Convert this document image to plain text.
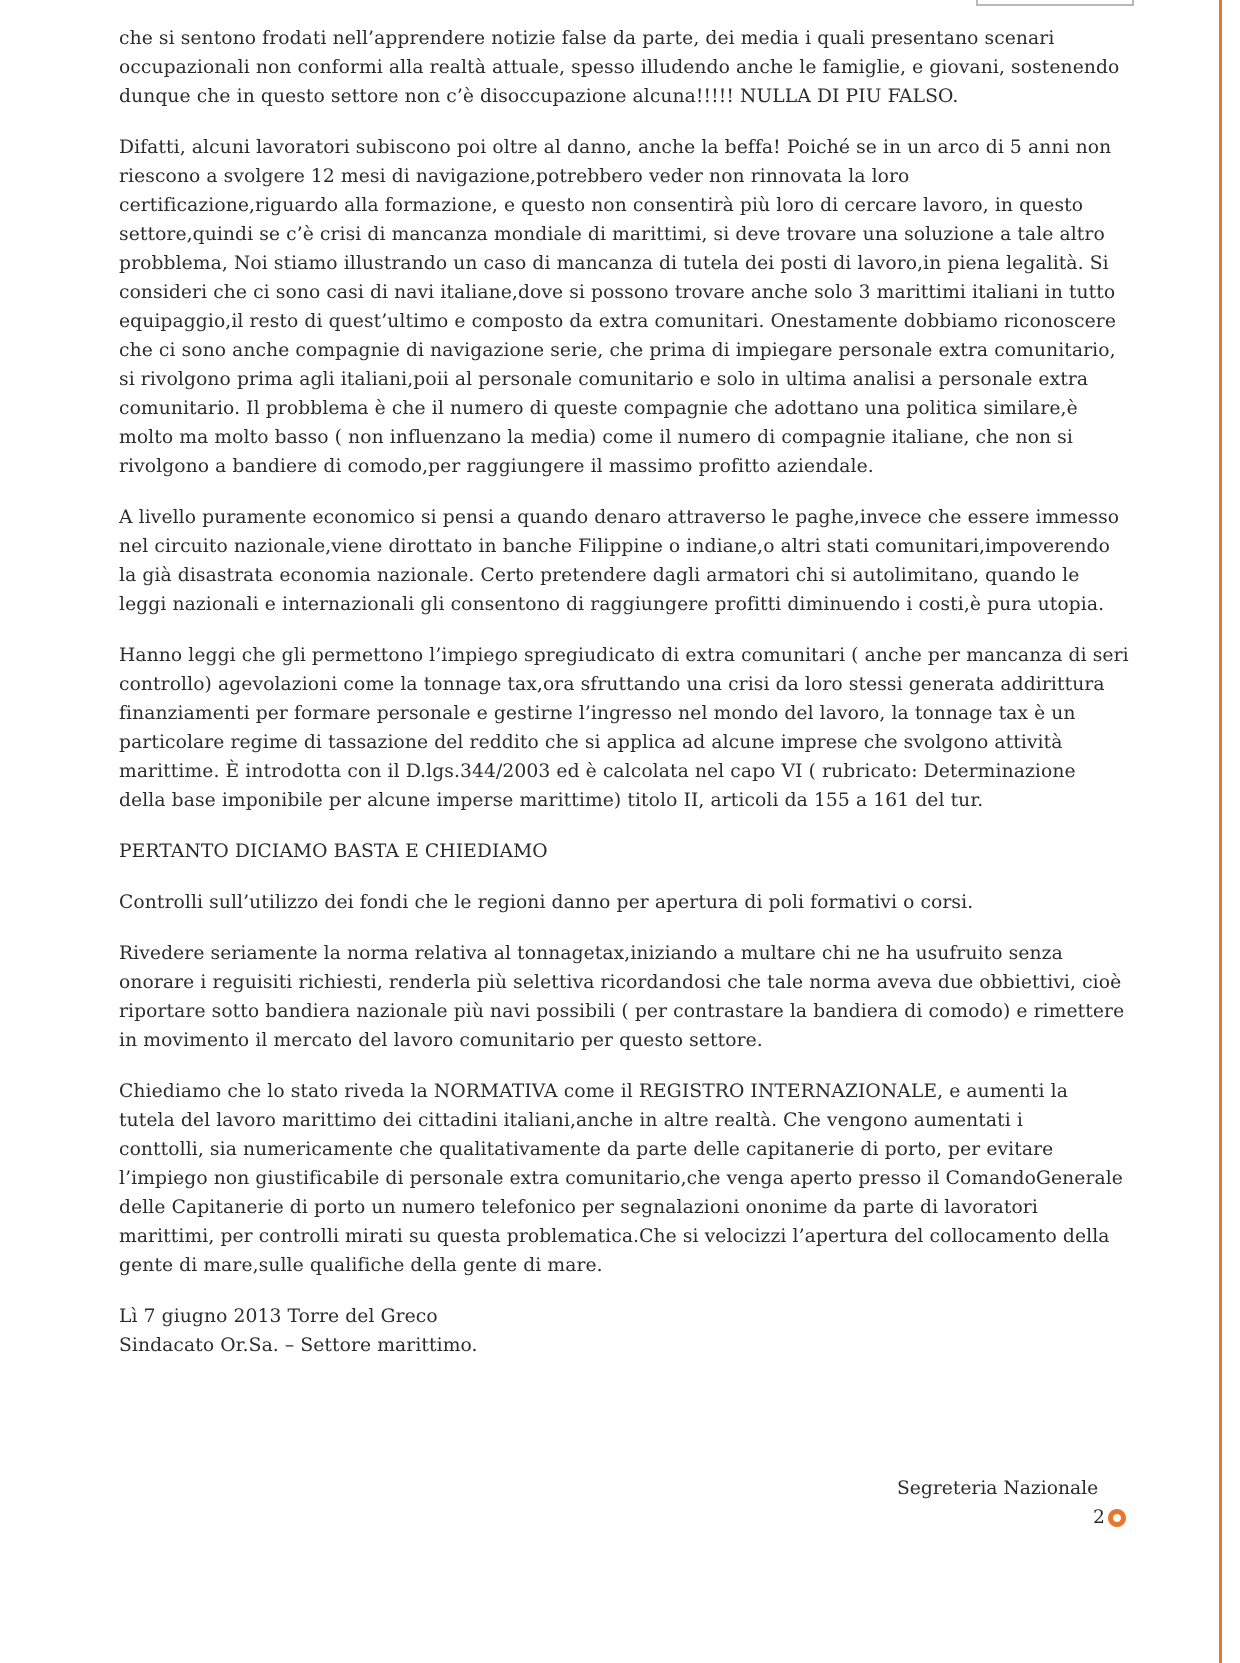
che si sentono frodati nell’apprendere notizie false da parte, dei media i quali presentano scenari
occupazionali non conformi alla realtà attuale, spesso illudendo anche le famiglie, e giovani, sostenendo
dunque che in questo settore non c’è disoccupazione alcuna!!!!! NULLA DI PIU FALSO.

Difatti, alcuni lavoratori subiscono poi oltre al danno, anche la beffa! Poiché se in un arco di 5 anni non
riescono a svolgere 12 mesi di navigazione,potrebbero veder non rinnovata la loro
certificazione,riguardo alla formazione, e questo non consentirà più loro di cercare lavoro, in questo
settore,quindi se c’è crisi di mancanza mondiale di marittimi, si deve trovare una soluzione a tale altro
probblema, Noi stiamo illustrando un caso di mancanza di tutela dei posti di lavoro,in piena legalità. Si
consideri che ci sono casi di navi italiane,dove si possono trovare anche solo 3 marittimi italiani in tutto
equipaggio,il resto di quest’ultimo e composto da extra comunitari. Onestamente dobbiamo riconoscere
che ci sono anche compagnie di navigazione serie, che prima di impiegare personale extra comunitario,
si rivolgono prima agli italiani,poii al personale comunitario e solo in ultima analisi a personale extra
comunitario. Il probblema è che il numero di queste compagnie che adottano una politica similare,è
molto ma molto basso ( non influenzano la media) come il numero di compagnie italiane, che non si
rivolgono a bandiere di comodo,per raggiungere il massimo profitto aziendale.

A livello puramente economico si pensi a quando denaro attraverso le paghe,invece che essere immesso
nel circuito nazionale,viene dirottato in banche Filippine o indiane,o altri stati comunitari,impoverendo
la già disastrata economia nazionale. Certo pretendere dagli armatori chi si autolimitano, quando le
leggi nazionali e internazionali gli consentono di raggiungere profitti diminuendo i costi,è pura utopia.

Hanno leggi che gli permettono l’impiego spregiudicato di extra comunitari ( anche per mancanza di seri
controllo) agevolazioni come la tonnage tax,ora sfruttando una crisi da loro stessi generata addirittura
finanziamenti per formare personale e gestirne l’ingresso nel mondo del lavoro, la tonnage tax è un
particolare regime di tassazione del reddito che si applica ad alcune imprese che svolgono attività
marittime. È introdotta con il D.lgs.344/2003 ed è calcolata nel capo VI ( rubricato: Determinazione
della base imponibile per alcune imperse marittime) titolo II, articoli da 155 a 161 del tur.

PERTANTO DICIAMO BASTA E CHIEDIAMO

Controlli sull’utilizzo dei fondi che le regioni danno per apertura di poli formativi o corsi.

Rivedere seriamente la norma relativa al tonnagetax,iniziando a multare chi ne ha usufruito senza
onorare i reguisiti richiesti, renderla più selettiva ricordandosi che tale norma aveva due obbiettivi, cioè
riportare sotto bandiera nazionale più navi possibili ( per contrastare la bandiera di comodo) e rimettere
in movimento il mercato del lavoro comunitario per questo settore.

Chiediamo che lo stato riveda la NORMATIVA come il REGISTRO INTERNAZIONALE, e aumenti la
tutela del lavoro marittimo dei cittadini italiani,anche in altre realtà. Che vengono aumentati i
conttolli, sia numericamente che qualitativamente da parte delle capitanerie di porto, per evitare
l’impiego non giustificabile di personale extra comunitario,che venga aperto presso il ComandoGenerale
delle Capitanerie di porto un numero telefonico per segnalazioni ononime da parte di lavoratori
marittimi, per controlli mirati su questa problematica.Che si velocizzi l’apertura del collocamento della
gente di mare,sulle qualifiche della gente di mare.

Lì 7 giugno 2013 Torre del Greco
Sindacato Or.Sa. – Settore marittimo.
Segreteria Nazionale
2
